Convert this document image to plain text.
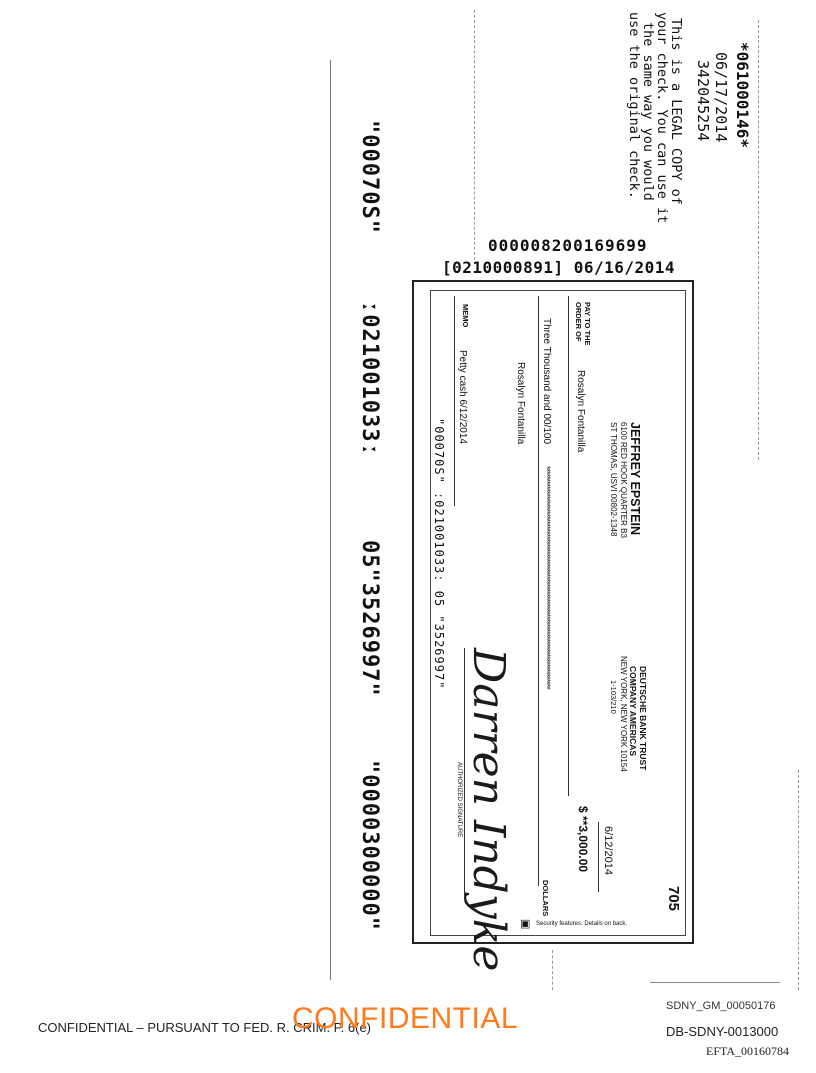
*061000146*
06/17/2014
342045254
This is a LEGAL COPY of
your check. You can use it
the same way you would
use the original check.
000008200169699
[0210000891] 06/16/2014
"00070S"
ː021001033ː
05"3526997"
"0000300000"	705
JEFFREY EPSTEIN
6100 RED HOOK QUARTER B3
ST THOMAS, USVI 00802-1348
DEUTSCHE BANK TRUST
COMPANY AMERICAS
NEW YORK, NEW YORK 10154
1-103/210
6/12/2014
PAY TO THE
ORDER OF
Rosalyn Fontanilla
$ **3,000.00
Three Thousand and 00/100
*****************************************************************************************
DOLLARS
Rosalyn Fontanilla
MEMO
Petty cash 6/12/2014
Darren Indyke
AUTHORIZED SIGNATURE
"00070S" ː021001033ː 05 "3526997"
▣ Security features. Details on back.
CONFIDENTIAL – PURSUANT TO FED. R. CRIM. P. 6(e)
CONFIDENTIAL	SDNY_GM_00050176
DB-SDNY-0013000
EFTA_00160784
